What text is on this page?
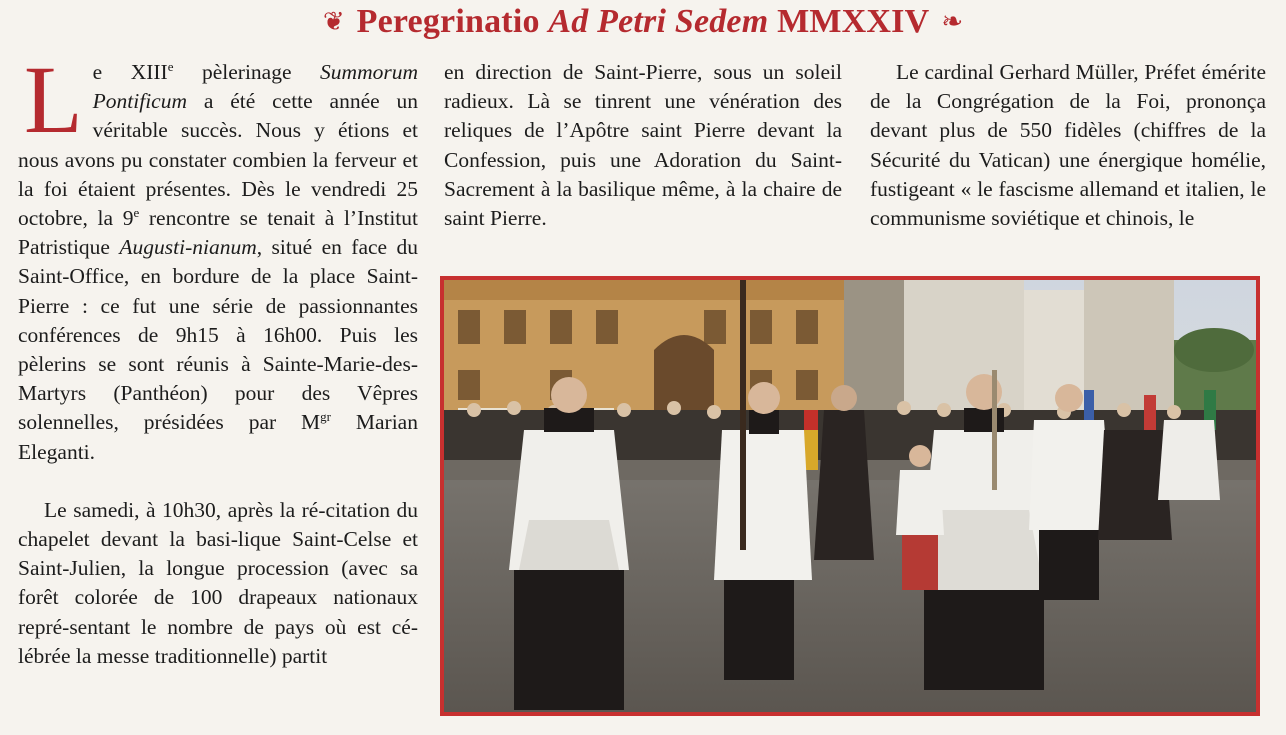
❦ Peregrinatio Ad Petri Sedem MMXXIV ❧

Le XIIIe pèlerinage Summorum Pontificum a été cette année un véritable succès. Nous y étions et nous avons pu constater combien la ferveur et la foi étaient présentes. Dès le vendredi 25 octobre, la 9e rencontre se tenait à l’Institut Patristique Augusti-nianum, situé en face du Saint-Office, en bordure de la place Saint-Pierre : ce fut une série de passionnantes conférences de 9h15 à 16h00. Puis les pèlerins se sont réunis à Sainte-Marie-des-Martyrs (Panthéon) pour des Vêpres solennelles, présidées par $M^{gr}$ Marian Eleganti.

Le samedi, à 10h30, après la ré-citation du chapelet devant la basi-lique Saint-Celse et Saint-Julien, la longue procession (avec sa forêt colorée de 100 drapeaux nationaux repré-sentant le nombre de pays où est cé-lébrée la messe traditionnelle) partit

en direction de Saint-Pierre, sous un soleil radieux. Là se tinrent une vénération des reliques de l’Apôtre saint Pierre devant la Confession, puis une Adoration du Saint-Sacrement à la basilique même, à la chaire de saint Pierre.

Le cardinal Gerhard Müller, Préfet émérite de la Congrégation de la Foi, prononça devant plus de 550 fidèles (chiffres de la Sécurité du Vatican) une énergique homélie, fustigeant « le fascisme allemand et italien, le communisme soviétique et chinois, le
